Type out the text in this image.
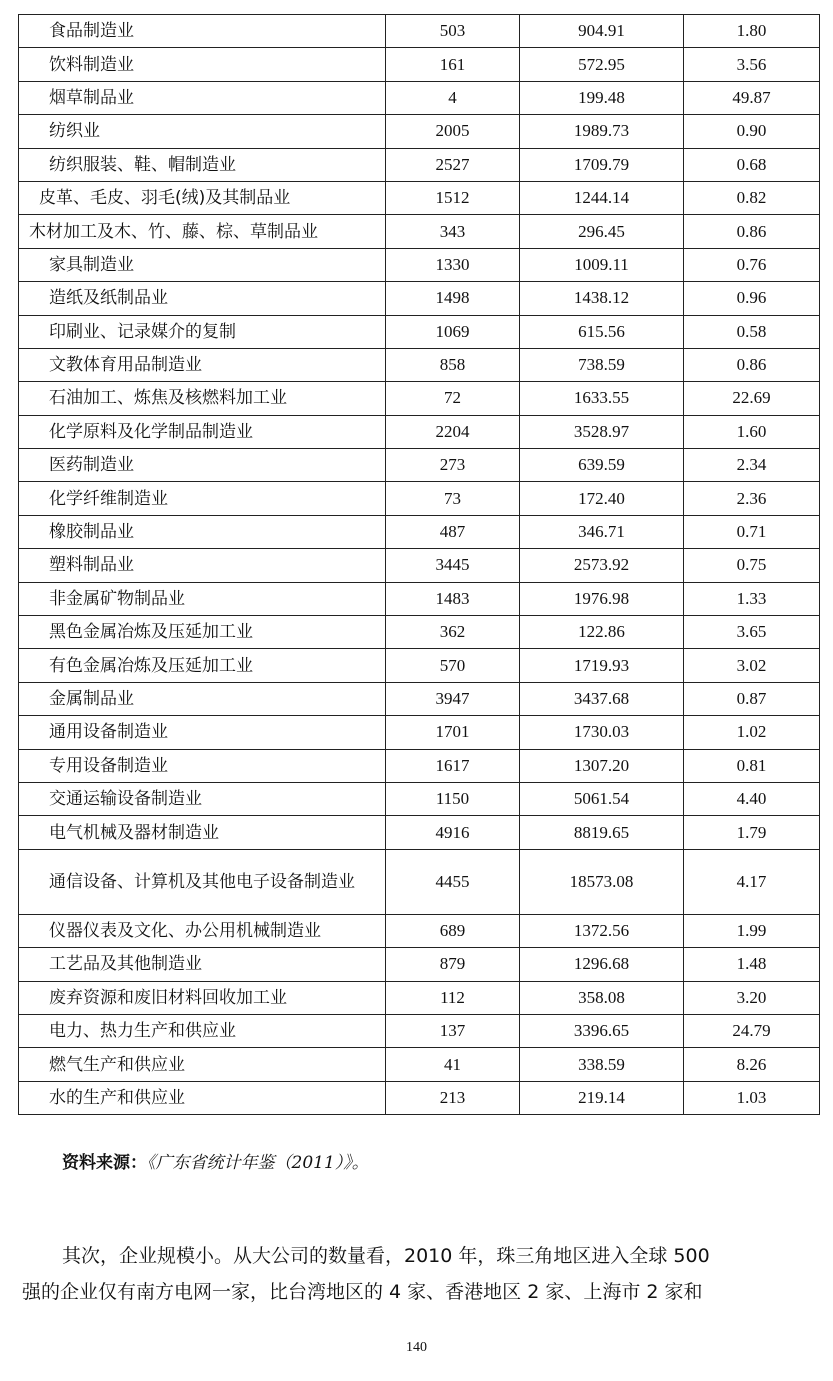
食品制造业	503	904.91	1.80
饮料制造业	161	572.95	3.56
烟草制品业	4	199.48	49.87
纺织业	2005	1989.73	0.90
纺织服装、鞋、帽制造业	2527	1709.79	0.68
皮革、毛皮、羽毛(绒)及其制品业	1512	1244.14	0.82
木材加工及木、竹、藤、棕、草制品业	343	296.45	0.86
家具制造业	1330	1009.11	0.76
造纸及纸制品业	1498	1438.12	0.96
印刷业、记录媒介的复制	1069	615.56	0.58
文教体育用品制造业	858	738.59	0.86
石油加工、炼焦及核燃料加工业	72	1633.55	22.69
化学原料及化学制品制造业	2204	3528.97	1.60
医药制造业	273	639.59	2.34
化学纤维制造业	73	172.40	2.36
橡胶制品业	487	346.71	0.71
塑料制品业	3445	2573.92	0.75
非金属矿物制品业	1483	1976.98	1.33
黑色金属冶炼及压延加工业	362	122.86	3.65
有色金属冶炼及压延加工业	570	1719.93	3.02
金属制品业	3947	3437.68	0.87
通用设备制造业	1701	1730.03	1.02
专用设备制造业	1617	1307.20	0.81
交通运输设备制造业	1150	5061.54	4.40
电气机械及器材制造业	4916	8819.65	1.79
通信设备、计算机及其他电子设备制造业	4455	18573.08	4.17
仪器仪表及文化、办公用机械制造业	689	1372.56	1.99
工艺品及其他制造业	879	1296.68	1.48
废弃资源和废旧材料回收加工业	112	358.08	3.20
电力、热力生产和供应业	137	3396.65	24.79
燃气生产和供应业	41	338.59	8.26
水的生产和供应业	213	219.14	1.03
资料来源：《广东省统计年鉴（2011）》。
其次，企业规模小。从大公司的数量看，2010 年，珠三角地区进入全球 500
强的企业仅有南方电网一家，比台湾地区的 4 家、香港地区 2 家、上海市 2 家和
140
